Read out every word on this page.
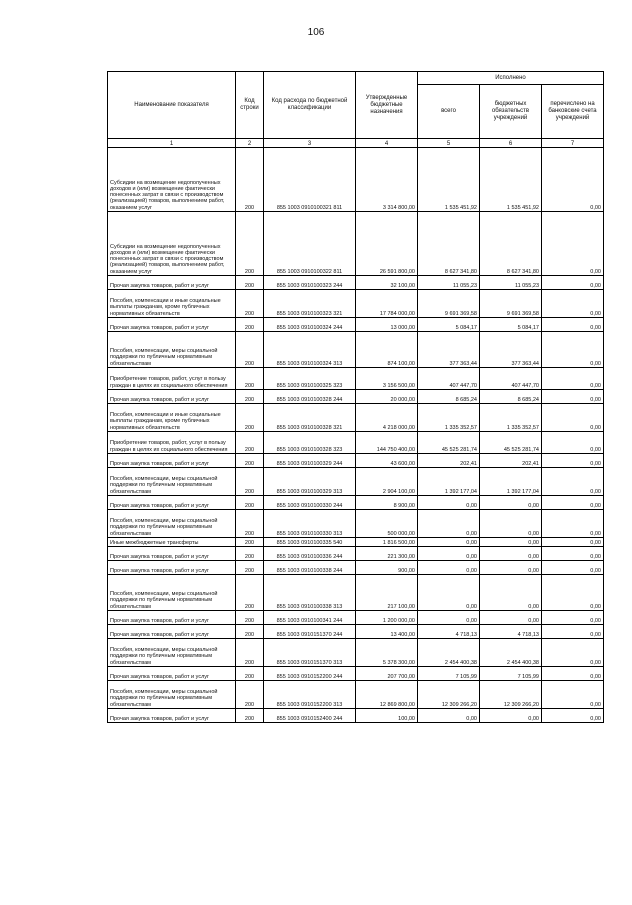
106
Наименование показателя	Код строки	Код расхода по бюджетной классификации	Утвержденные бюджетные назначения	Исполнено		
				всего	бюджетных обязательств учреждений	перечислено на банковские счета учреждений
1	2	3	4	5	6	7
Субсидии на возмещение недополученных доходов и (или) возмещение фактически понесенных затрат в связи с производством (реализацией) товаров, выполнением работ, оказанием услуг	200	855 1003 0910100321 811	3 314 800,00	1 535 451,92	1 535 451,92	0,00
Субсидии на возмещение недополученных доходов и (или) возмещение фактически понесенных затрат в связи с производством (реализацией) товаров, выполнением работ, оказанием услуг	200	855 1003 0910100322 811	26 591 800,00	8 627 341,80	8 627 341,80	0,00
Прочая закупка товаров, работ и услуг	200	855 1003 0910100323 244	32 100,00	11 055,23	11 055,23	0,00
Пособия, компенсации и иные социальные выплаты гражданам, кроме публичных нормативных обязательств	200	855 1003 0910100323 321	17 784 000,00	9 691 369,58	9 691 369,58	0,00
Прочая закупка товаров, работ и услуг	200	855 1003 0910100324 244	13 000,00	5 084,17	5 084,17	0,00
Пособия, компенсации, меры социальной поддержки по публичным нормативным обязательствам	200	855 1003 0910100324 313	874 100,00	377 363,44	377 363,44	0,00
Приобретение товаров, работ, услуг в пользу граждан в целях их социального обеспечения	200	855 1003 0910100325 323	3 156 500,00	407 447,70	407 447,70	0,00
Прочая закупка товаров, работ и услуг	200	855 1003 0910100328 244	20 000,00	8 685,24	8 685,24	0,00
Пособия, компенсации и иные социальные выплаты гражданам, кроме публичных нормативных обязательств	200	855 1003 0910100328 321	4 218 000,00	1 335 352,57	1 335 352,57	0,00
Приобретение товаров, работ, услуг в пользу граждан в целях их социального обеспечения	200	855 1003 0910100328 323	144 750 400,00	45 525 281,74	45 525 281,74	0,00
Прочая закупка товаров, работ и услуг	200	855 1003 0910100329 244	43 600,00	202,41	202,41	0,00
Пособия, компенсации, меры социальной поддержки по публичным нормативным обязательствам	200	855 1003 0910100329 313	2 904 100,00	1 392 177,04	1 392 177,04	0,00
Прочая закупка товаров, работ и услуг	200	855 1003 0910100330 244	8 900,00	0,00	0,00	0,00
Пособия, компенсации, меры социальной поддержки по публичным нормативным обязательствам	200	855 1003 0910100330 313	500 000,00	0,00	0,00	0,00
Иные межбюджетные трансферты	200	855 1003 0910100335 540	1 816 500,00	0,00	0,00	0,00
Прочая закупка товаров, работ и услуг	200	855 1003 0910100336 244	221 300,00	0,00	0,00	0,00
Прочая закупка товаров, работ и услуг	200	855 1003 0910100338 244	900,00	0,00	0,00	0,00
Пособия, компенсации, меры социальной поддержки по публичным нормативным обязательствам	200	855 1003 0910100338 313	217 100,00	0,00	0,00	0,00
Прочая закупка товаров, работ и услуг	200	855 1003 0910100341 244	1 200 000,00	0,00	0,00	0,00
Прочая закупка товаров, работ и услуг	200	855 1003 0910151370 244	13 400,00	4 718,13	4 718,13	0,00
Пособия, компенсации, меры социальной поддержки по публичным нормативным обязательствам	200	855 1003 0910151370 313	5 378 300,00	2 454 400,38	2 454 400,38	0,00
Прочая закупка товаров, работ и услуг	200	855 1003 0910152200 244	207 700,00	7 105,99	7 105,99	0,00
Пособия, компенсации, меры социальной поддержки по публичным нормативным обязательствам	200	855 1003 0910152200 313	12 869 800,00	12 309 266,20	12 309 266,20	0,00
Прочая закупка товаров, работ и услуг	200	855 1003 0910152400 244	100,00	0,00	0,00	0,00
